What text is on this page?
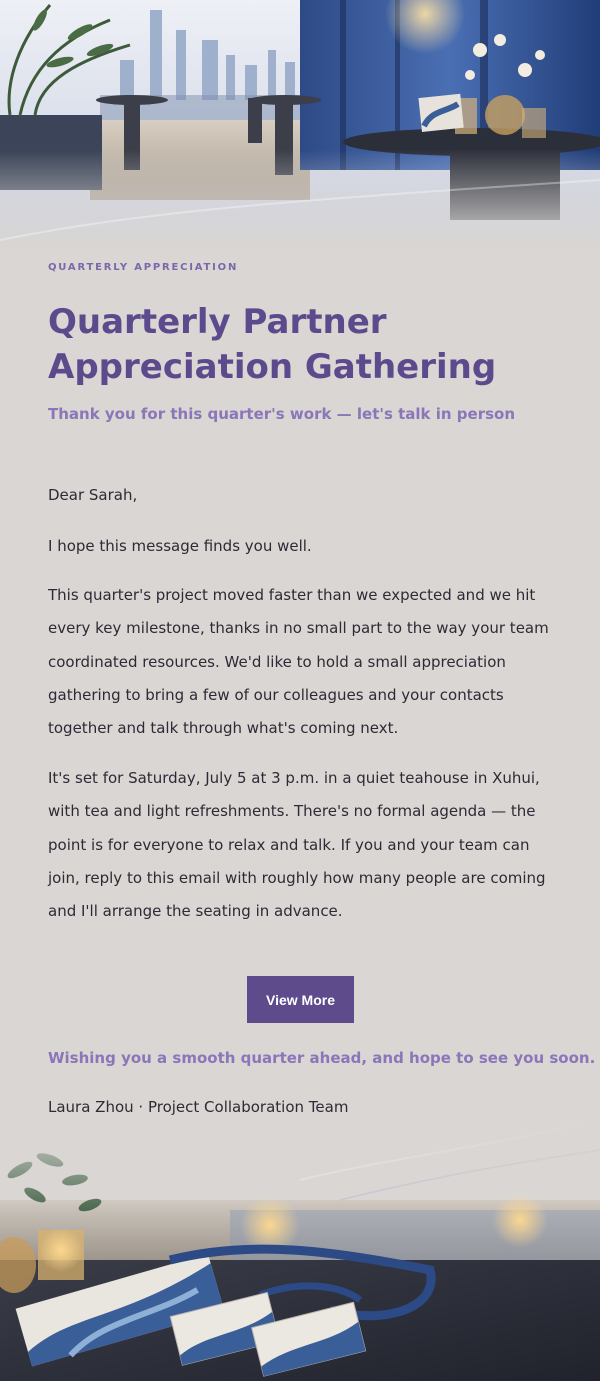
QUARTERLY APPRECIATION
Quarterly Partner Appreciation Gathering
Thank you for this quarter's work — let's talk in person

Dear Sarah,

I hope this message finds you well.

This quarter's project moved faster than we expected and we hit every key milestone, thanks in no small part to the way your team coordinated resources. We'd like to hold a small appreciation gathering to bring a few of our colleagues and your contacts together and talk through what's coming next.

It's set for Saturday, July 5 at 3 p.m. in a quiet teahouse in Xuhui, with tea and light refreshments. There's no formal agenda — the point is for everyone to relax and talk. If you and your team can join, reply to this email with roughly how many people are coming and I'll arrange the seating in advance.

Wishing you a smooth quarter ahead, and hope to see you soon.
Laura Zhou · Project Collaboration Team
View More
